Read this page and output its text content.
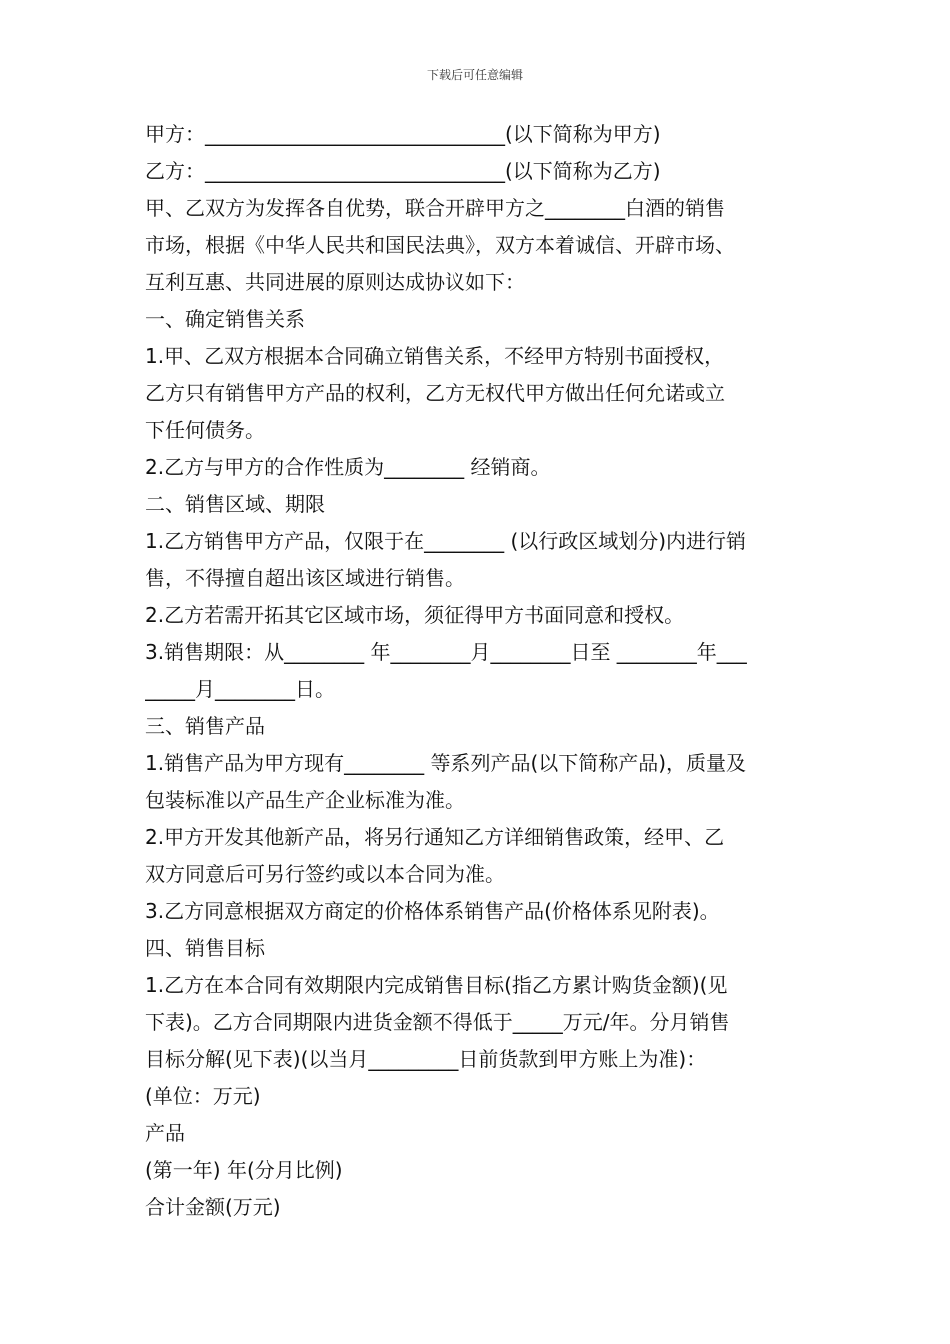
下载后可任意编辑
甲方：______________________________(以下简称为甲方)
乙方：______________________________(以下简称为乙方)
甲、乙双方为发挥各自优势，联合开辟甲方之________白酒的销售
市场，根据《中华人民共和国民法典》，双方本着诚信、开辟市场、
互利互惠、共同进展的原则达成协议如下：
一、确定销售关系
1.甲、乙双方根据本合同确立销售关系，不经甲方特别书面授权，
乙方只有销售甲方产品的权利，乙方无权代甲方做出任何允诺或立
下任何债务。
2.乙方与甲方的合作性质为________ 经销商。
二、销售区域、期限
1.乙方销售甲方产品，仅限于在________ (以行政区域划分)内进行销
售，不得擅自超出该区域进行销售。
2.乙方若需开拓其它区域市场，须征得甲方书面同意和授权。
3.销售期限：从________ 年________月________日至 ________年___
_____月________日。
三、销售产品
1.销售产品为甲方现有________ 等系列产品(以下简称产品)，质量及
包装标准以产品生产企业标准为准。
2.甲方开发其他新产品，将另行通知乙方详细销售政策，经甲、乙
双方同意后可另行签约或以本合同为准。
3.乙方同意根据双方商定的价格体系销售产品(价格体系见附表)。
四、销售目标
1.乙方在本合同有效期限内完成销售目标(指乙方累计购货金额)(见
下表)。乙方合同期限内进货金额不得低于_____万元/年。分月销售
目标分解(见下表)(以当月_________日前货款到甲方账上为准)：
(单位：万元)
产品
(第一年) 年(分月比例)
合计金额(万元)
